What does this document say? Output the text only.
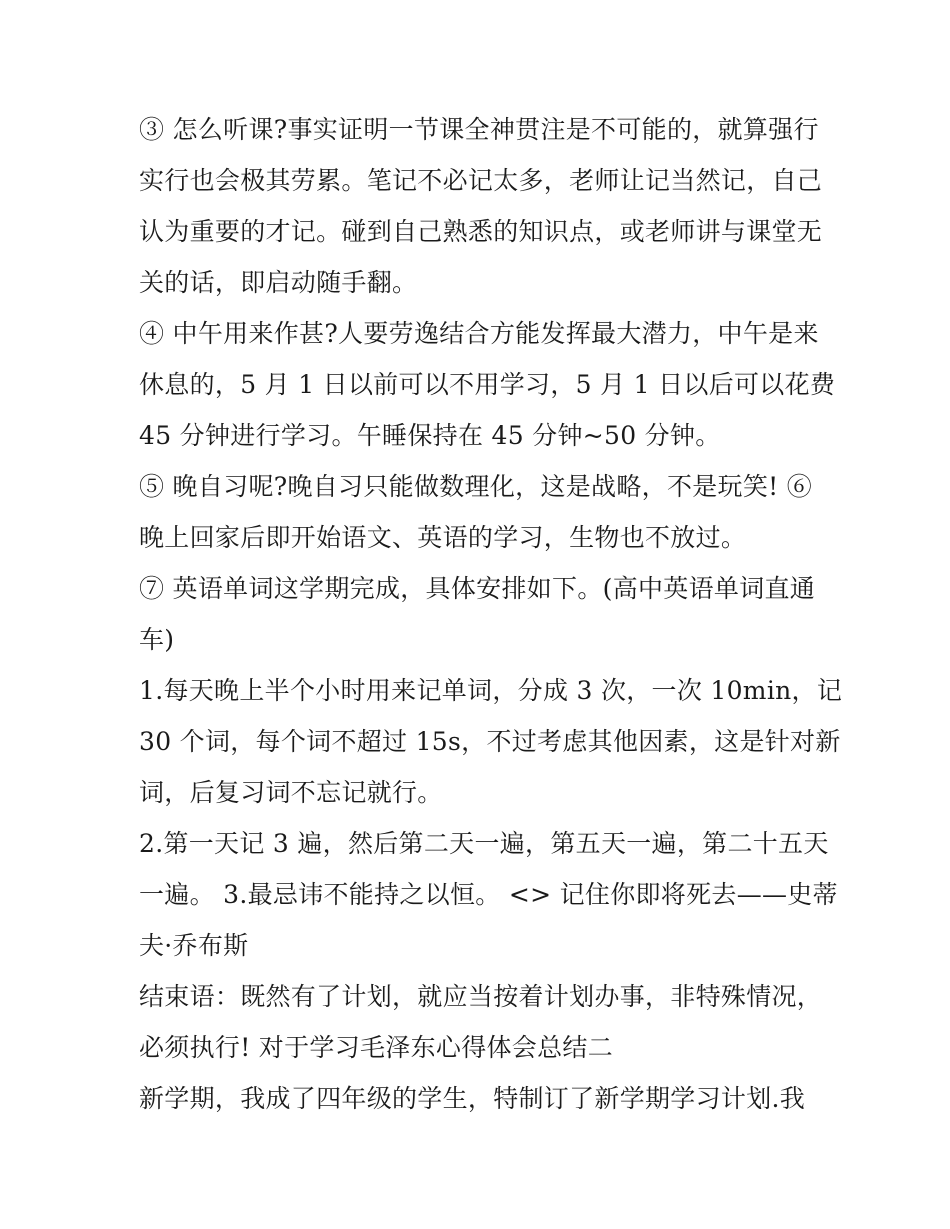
③ 怎么听课?事实证明一节课全神贯注是不可能的，就算强行
实行也会极其劳累。笔记不必记太多，老师让记当然记，自己
认为重要的才记。碰到自己熟悉的知识点，或老师讲与课堂无
关的话，即启动随手翻。
④ 中午用来作甚?人要劳逸结合方能发挥最大潜力，中午是来
休息的，5 月 1 日以前可以不用学习，5 月 1 日以后可以花费
45 分钟进行学习。午睡保持在 45 分钟~50 分钟。
⑤ 晚自习呢?晚自习只能做数理化，这是战略，不是玩笑! ⑥
晚上回家后即开始语文、英语的学习，生物也不放过。
⑦ 英语单词这学期完成，具体安排如下。(高中英语单词直通
车)
1.每天晚上半个小时用来记单词，分成 3 次，一次 10min，记
30 个词，每个词不超过 15s，不过考虑其他因素，这是针对新
词，后复习词不忘记就行。
2.第一天记 3 遍，然后第二天一遍，第五天一遍，第二十五天
一遍。 3.最忌讳不能持之以恒。 <> 记住你即将死去——史蒂
夫·乔布斯
结束语：既然有了计划，就应当按着计划办事，非特殊情况，
必须执行! 对于学习毛泽东心得体会总结二
新学期，我成了四年级的学生，特制订了新学期学习计划.我
